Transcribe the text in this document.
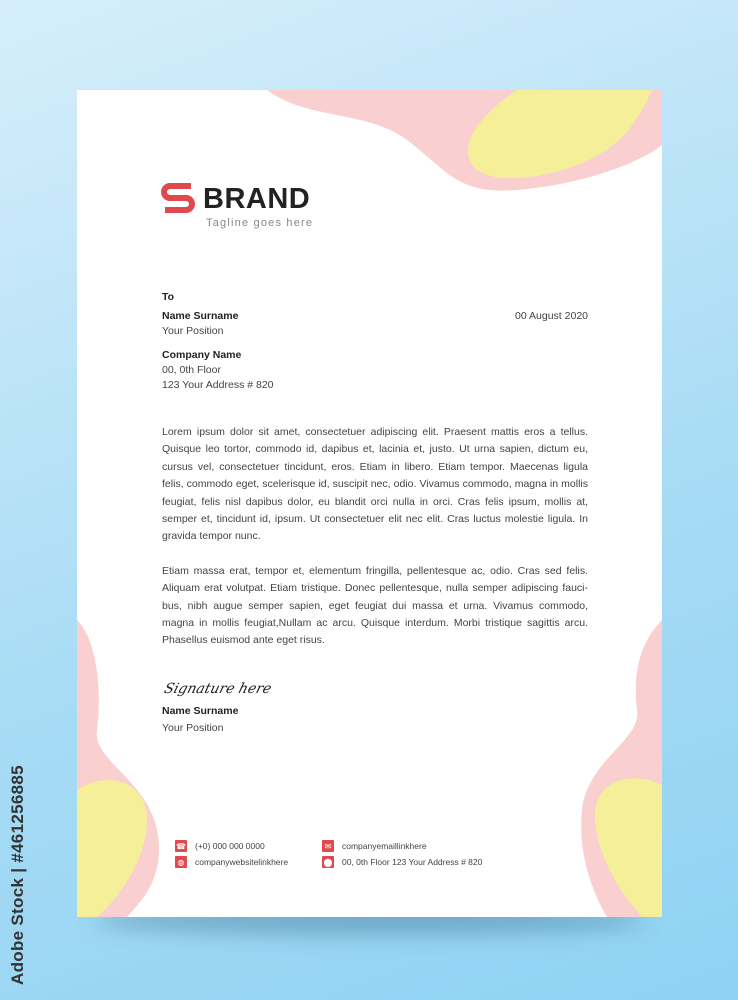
BRAND
Tagline goes here
To
Name Surname
Your Position
00 August 2020
Company Name
00, 0th Floor
123 Your Address # 820
Lorem ipsum dolor sit amet, consectetuer adipiscing elit. Praesent mattis eros a tellus. Quisque leo tortor, commodo id, dapibus et, lacinia et, justo. Ut urna sapien, dictum eu, cursus vel, consectetuer tincidunt, eros. Etiam in libero. Etiam tempor. Maecenas ligula felis, commodo eget, scelerisque id, suscipit nec, odio. Vivamus commodo, magna in mollis feugiat, felis nisl dapibus dolor, eu blandit orci nulla in orci. Cras felis ipsum, mollis at, semper et, tincidunt id, ipsum. Ut consectetuer elit nec elit. Cras luctus molestie ligula. In gravida tempor nunc.
Etiam massa erat, tempor et, elementum fringilla, pellentesque ac, odio. Cras sed felis. Aliquam erat volutpat. Etiam tristique. Donec pellentesque, nulla semper adipiscing fauci-bus, nibh augue semper sapien, eget feugiat dui massa et urna. Vivamus commodo, magna in mollis feugiat,Nullam ac arcu. Quisque interdum. Morbi tristique sagittis arcu. Phasellus euismod ante eget risus.
Signature here
Name Surname
Your Position
☎ (+0) 000 000 0000
◍ companywebsitelinkhere
✉	companyemaillinkhere
⬤ 00, 0th Floor 123 Your Address # 820
Adobe Stock | #461256885
